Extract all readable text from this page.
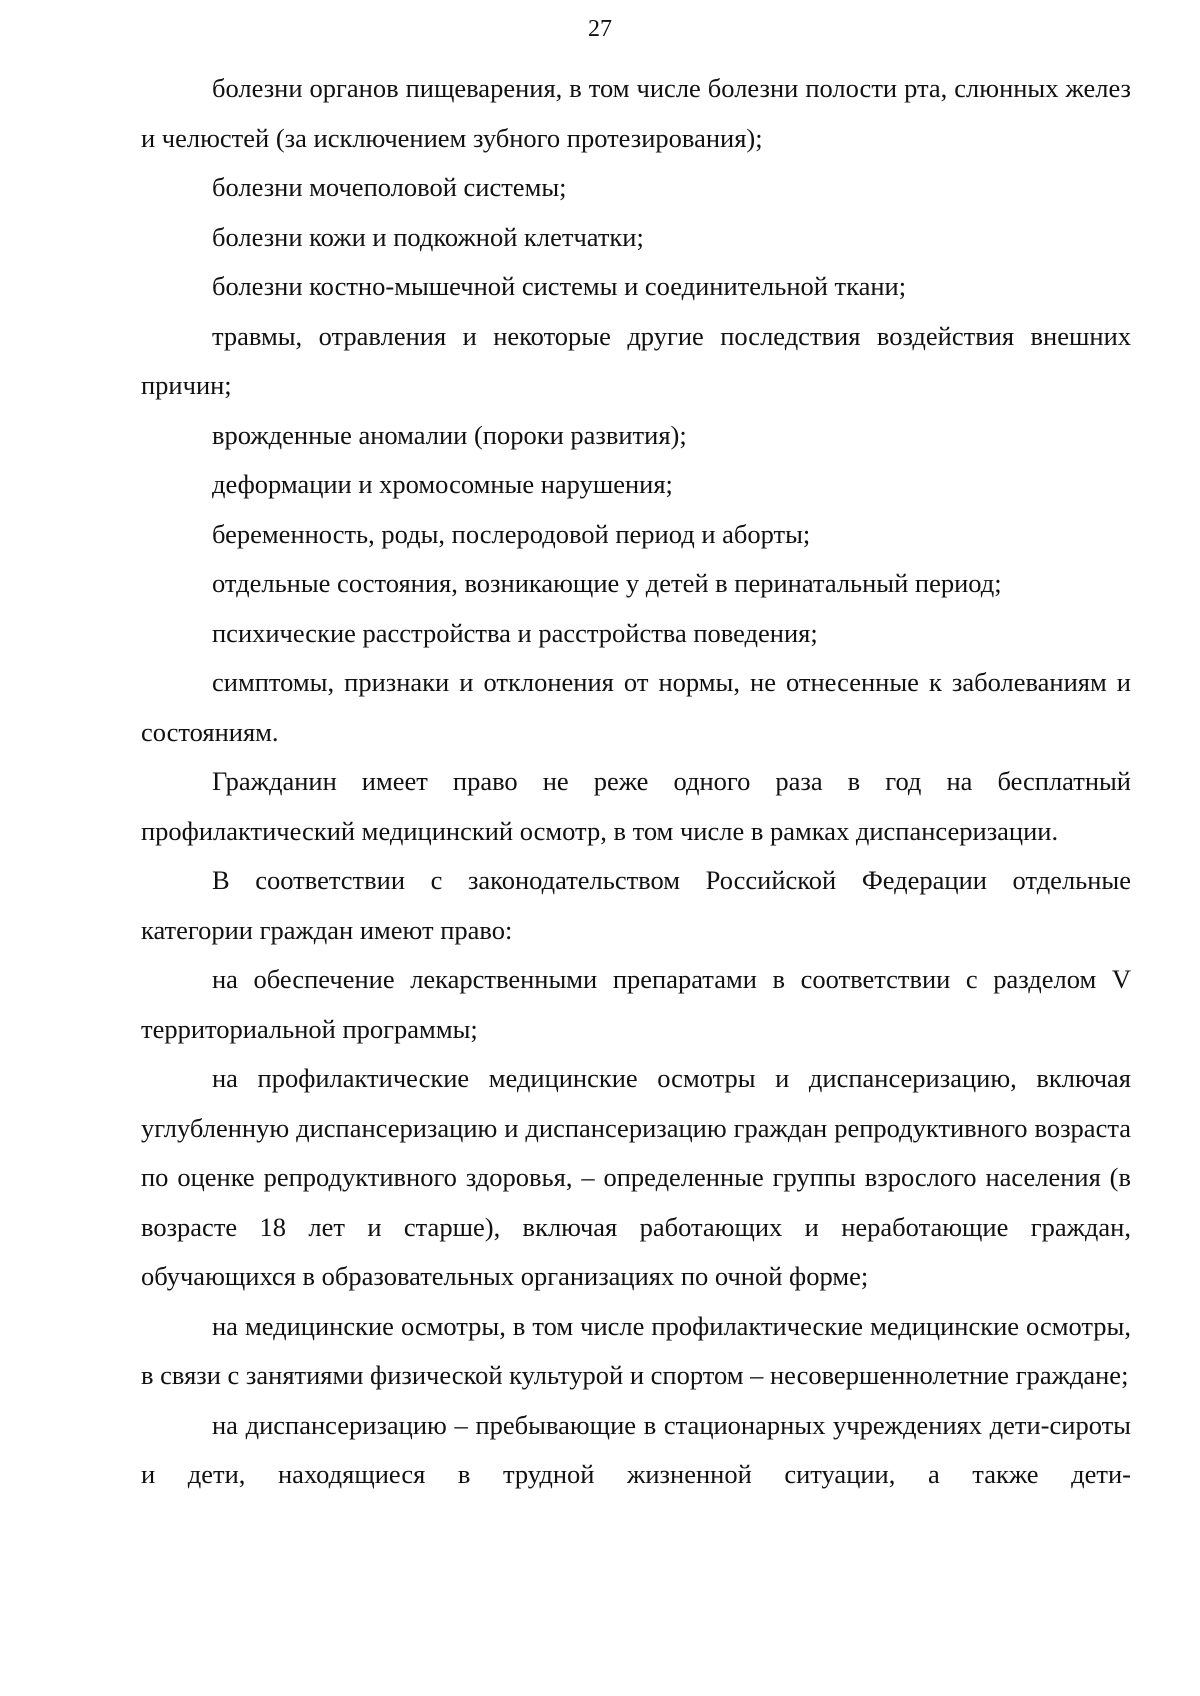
27

болезни органов пищеварения, в том числе болезни полости рта, слюнных желез и челюстей (за исключением зубного протезирования);

болезни мочеполовой системы;

болезни кожи и подкожной клетчатки;

болезни костно-мышечной системы и соединительной ткани;

травмы, отравления и некоторые другие последствия воздействия внешних причин;

врожденные аномалии (пороки развития);

деформации и хромосомные нарушения;

беременность, роды, послеродовой период и аборты;

отдельные состояния, возникающие у детей в перинатальный период;

психические расстройства и расстройства поведения;

симптомы, признаки и отклонения от нормы, не отнесенные к заболеваниям и состояниям.

Гражданин имеет право не реже одного раза в год на бесплатный профилактический медицинский осмотр, в том числе в рамках диспансеризации.

В соответствии с законодательством Российской Федерации отдельные категории граждан имеют право:

на обеспечение лекарственными препаратами в соответствии с разделом V территориальной программы;

на профилактические медицинские осмотры и диспансеризацию, включая углубленную диспансеризацию и диспансеризацию граждан репродуктивного возраста по оценке репродуктивного здоровья, – определенные группы взрослого населения (в возрасте 18 лет и старше), включая работающих и неработающие граждан, обучающихся в образовательных организациях по очной форме;

на медицинские осмотры, в том числе профилактические медицинские осмотры, в связи с занятиями физической культурой и спортом – несовершеннолетние граждане;

на диспансеризацию – пребывающие в стационарных учреждениях дети-сироты и дети, находящиеся в трудной жизненной ситуации, а также дети-
